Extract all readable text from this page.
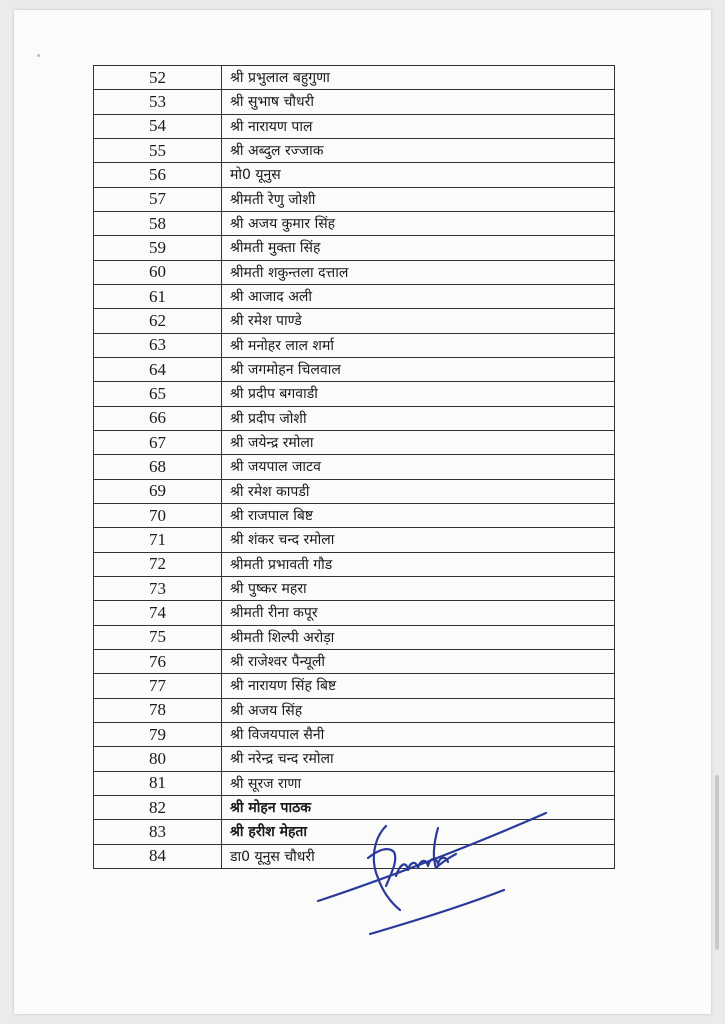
52	श्री प्रभुलाल बहुगुणा
53	श्री सुभाष चौधरी
54	श्री नारायण पाल
55	श्री अब्दुल रज्जाक
56	मो0 यूनुस
57	श्रीमती रेणु जोशी
58	श्री अजय कुमार सिंह
59	श्रीमती मुक्ता सिंह
60	श्रीमती शकुन्तला दत्ताल
61	श्री आजाद अली
62	श्री रमेश पाण्डे
63	श्री मनोहर लाल शर्मा
64	श्री जगमोहन चिलवाल
65	श्री प्रदीप बगवाडी
66	श्री प्रदीप जोशी
67	श्री जयेन्द्र रमोला
68	श्री जयपाल जाटव
69	श्री रमेश कापडी
70	श्री राजपाल बिष्ट
71	श्री शंकर चन्द रमोला
72	श्रीमती प्रभावती गौड
73	श्री पुष्कर महरा
74	श्रीमती रीना कपूर
75	श्रीमती शिल्पी अरोड़ा
76	श्री राजेश्वर पैन्यूली
77	श्री नारायण सिंह बिष्ट
78	श्री अजय सिंह
79	श्री विजयपाल सैनी
80	श्री नरेन्द्र चन्द रमोला
81	श्री सूरज राणा
82	श्री मोहन पाठक
83	श्री हरीश मेहता
84	डा0 यूनुस चौधरी
